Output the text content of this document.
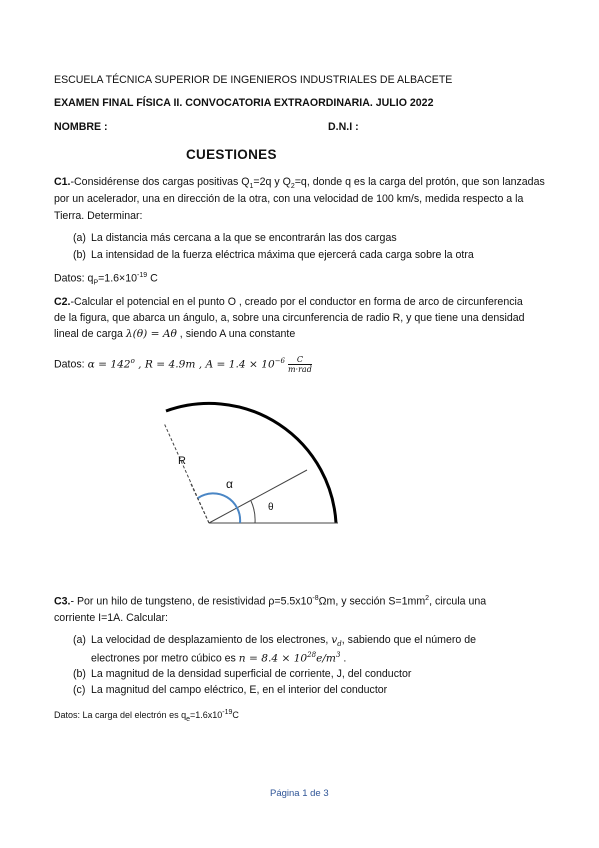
ESCUELA TÉCNICA SUPERIOR DE INGENIEROS INDUSTRIALES DE ALBACETE
EXAMEN FINAL FÍSICA II. CONVOCATORIA EXTRAORDINARIA. JULIO 2022
NOMBRE :	D.N.I :
CUESTIONES
C1.-Considérense dos cargas positivas $Q_1=2q$ y $Q_2=q$, donde q es la carga del protón, que son lanzadas
por un acelerador, una en dirección de la otra, con una velocidad de 100 km/s, medida respecto a la
Tierra. Determinar:
(a) La distancia más cercana a la que se encontrarán las dos cargas
(b) La intensidad de la fuerza eléctrica máxima que ejercerá cada carga sobre la otra
Datos: $q_P=1.6\times 10^{-19}$ C
C2.-Calcular el potencial en el punto O , creado por el conductor en forma de arco de circunferencia
de la figura, que abarca un ángulo, a, sobre una circunferencia de radio R, y que tiene una densidad
lineal de carga λ(θ) = Aθ , siendo A una constante
Datos: $\alpha = 142^o$ , R = 4.9m , $A = 1.4 \times 10^{-6} \frac{C}{\text{m·rad}}$
R
α
θ
C3.- Por un hilo de tungsteno, de resistividad $\rho=5.5x10^{-8}\Omega m$, y sección $S=1mm^2$, circula una
corriente I=1A. Calcular:
(a) La velocidad de desplazamiento de los electrones, $v_d$, sabiendo que el número de
electrones por metro cúbico es $n = 8.4 \times 10^{28}e/m^3$ .
(b) La magnitud de la densidad superficial de corriente, J, del conductor
(c) La magnitud del campo eléctrico, E, en el interior del conductor
Datos: La carga del electrón es $q_e=1.6x10^{-19}C$
Página 1 de 3
